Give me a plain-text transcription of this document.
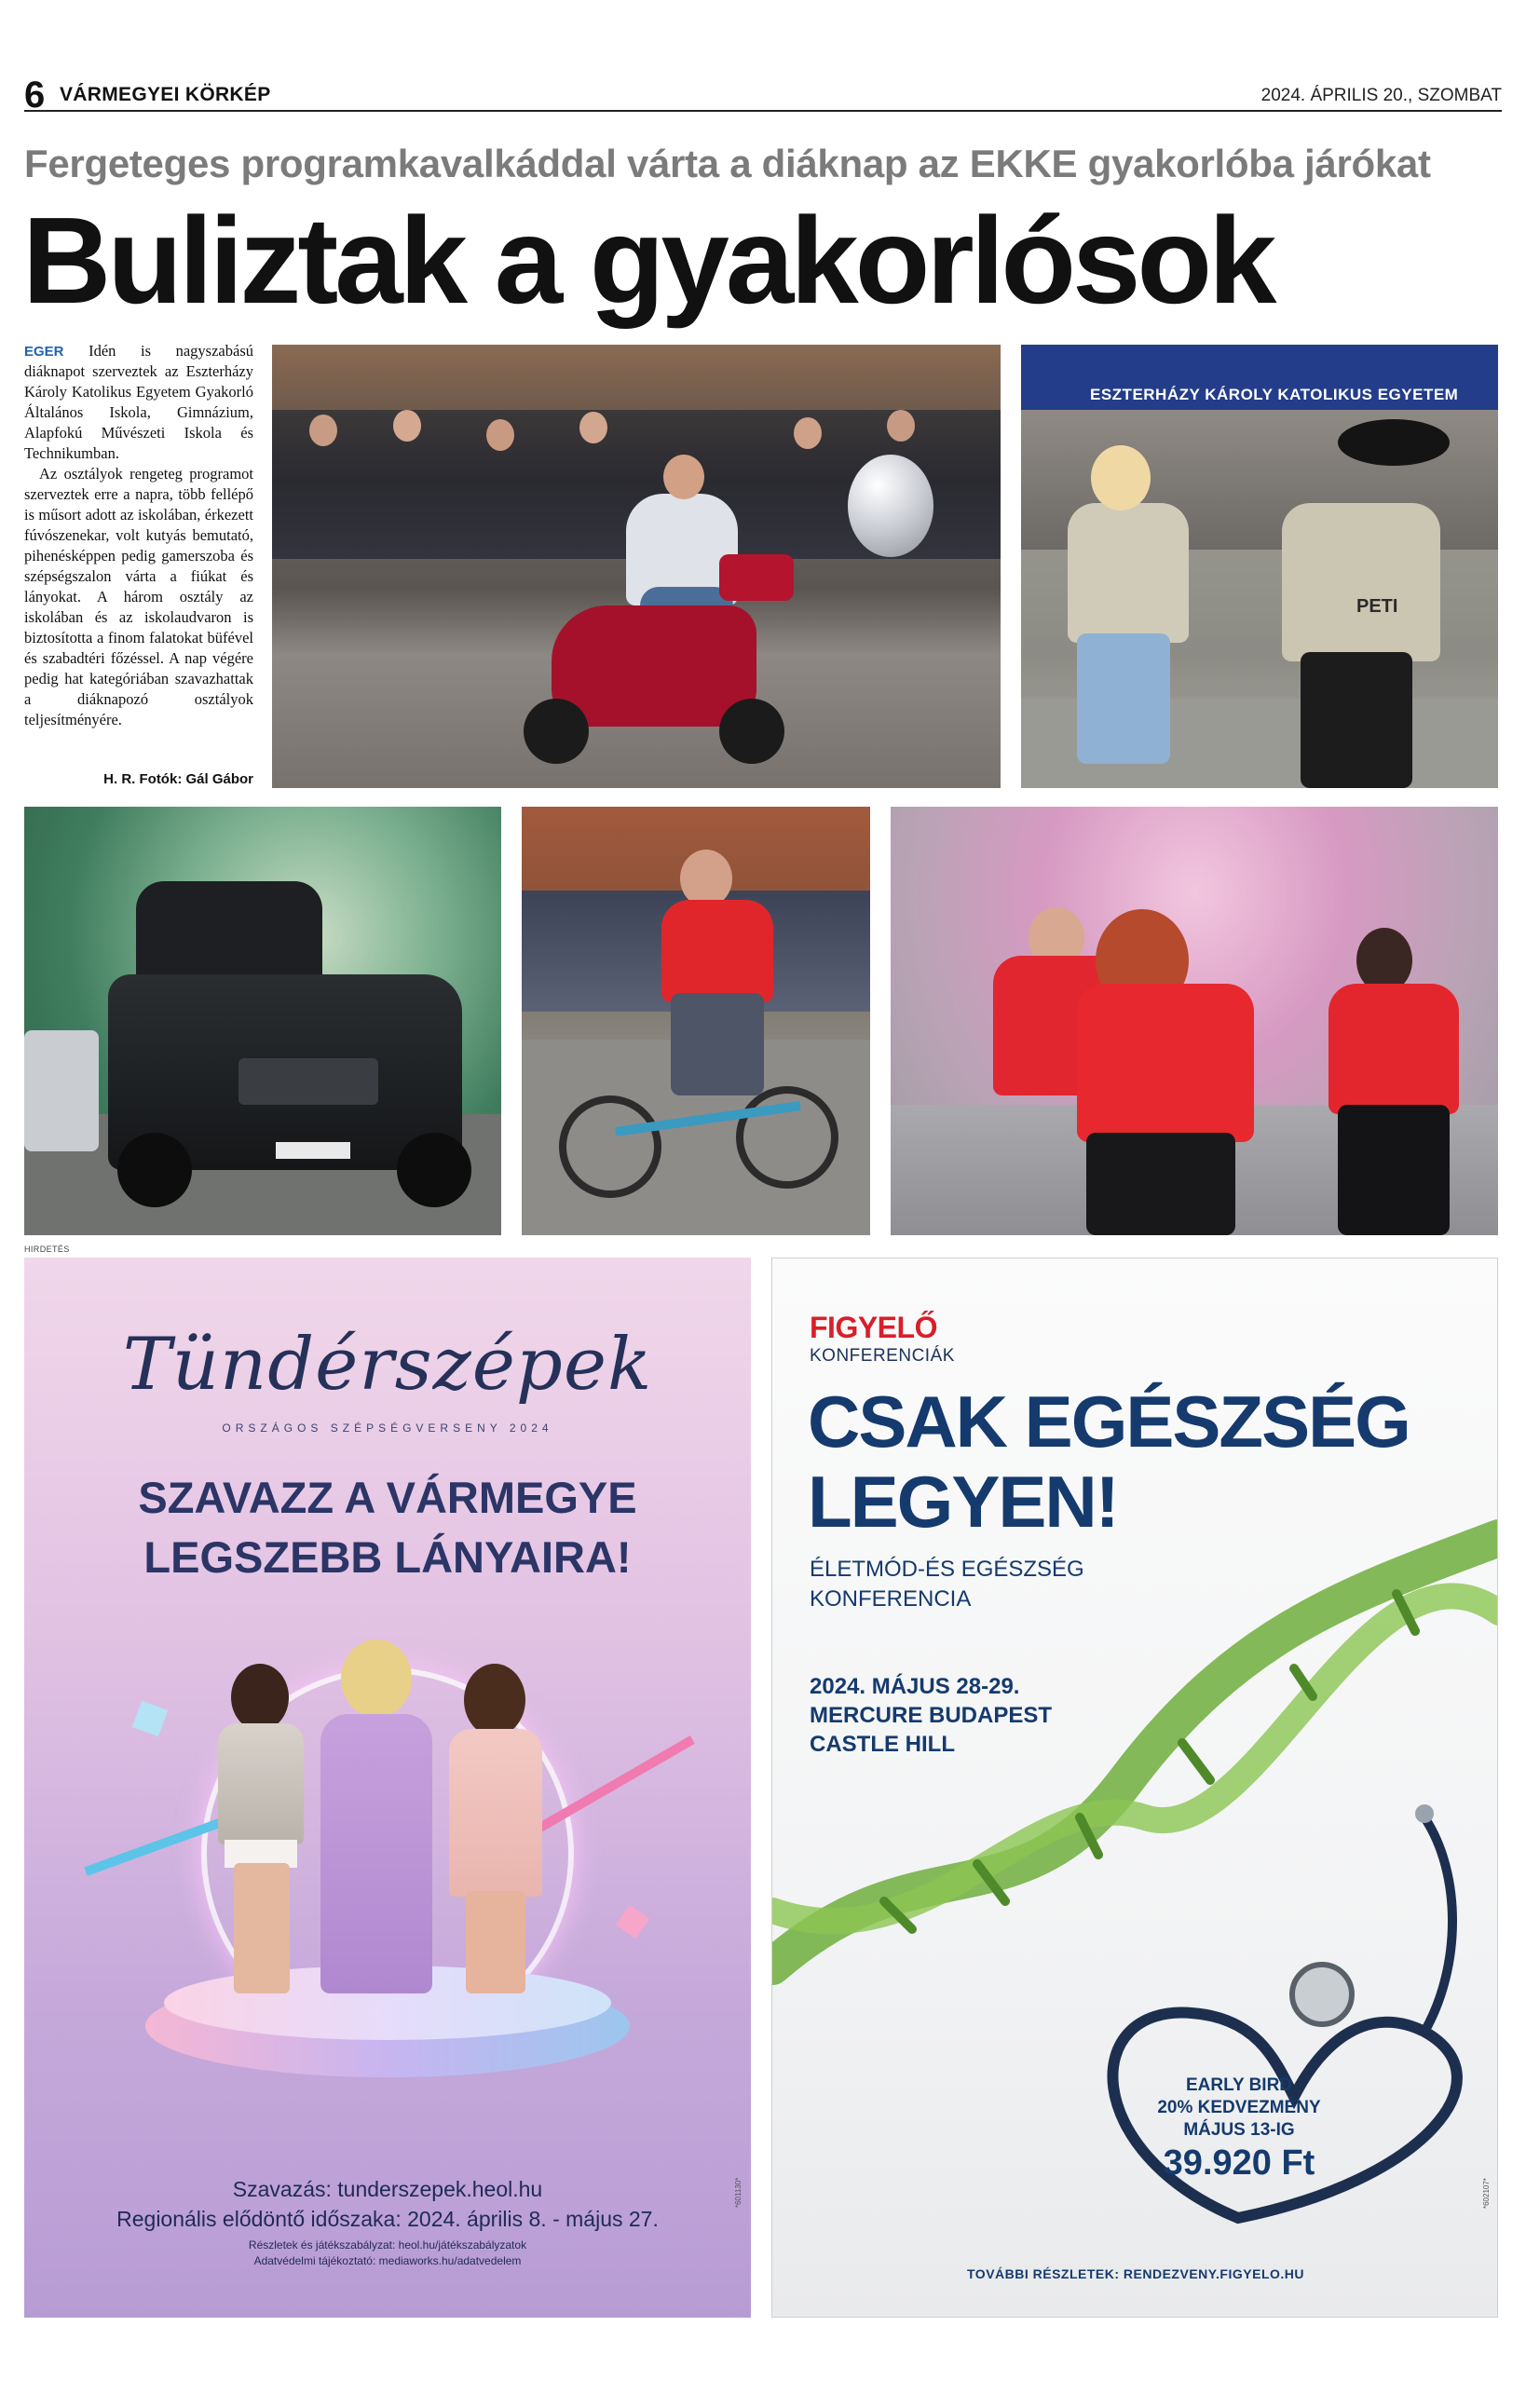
6 VÁRMEGYEI KÖRKÉP	2024. ÁPRILIS 20., SZOMBAT
Fergeteges programkavalkáddal várta a diáknap az EKKE gyakorlóba járókat
Buliztak a gyakorlósok

EGER Idén is nagyszabású diáknapot szerveztek az Eszterházy Károly Katolikus Egyetem Gyakorló Általános Iskola, Gimnázium, Alapfokú Művészeti Iskola és Technikumban.

Az osztályok rengeteg programot szerveztek erre a napra, több fellépő is műsort adott az iskolában, érkezett fúvószenekar, volt kutyás bemutató, pihenésképpen pedig gamerszoba és szépségszalon várta a fiúkat és lányokat. A három osztály az iskolában és az iskolaudvaron is biztosította a finom falatokat büfével és szabadtéri főzéssel. A nap végére pedig hat kategóriában szavazhattak a diáknapozó osztályok teljesítményére.

H. R. Fotók: Gál Gábor
ESZTERHÁZY KÁROLY KATOLIKUS EGYETEM
PETI
HIRDETÉS
Tündérszépek
ORSZÁGOS SZÉPSÉGVERSENY 2024
SZAVAZZ A VÁRMEGYE
LEGSZEBB LÁNYAIRA!
Szavazás: tunderszepek.heol.hu
Regionális elődöntő időszaka: 2024. április 8. - május 27.
Részletek és játékszabályzat: heol.hu/játékszabályzatok
Adatvédelmi tájékoztató: mediaworks.hu/adatvedelem
*601130*
FIGYELŐ
KONFERENCIÁK
CSAK EGÉSZSÉG
LEGYEN!
ÉLETMÓD-ÉS EGÉSZSÉG
KONFERENCIA
2024. MÁJUS 28-29.
MERCURE BUDAPEST
CASTLE HILL
EARLY BIRD
20% KEDVEZMÉNY
MÁJUS 13-IG
39.920 Ft
TOVÁBBI RÉSZLETEK: RENDEZVENY.FIGYELO.HU
*602107*
